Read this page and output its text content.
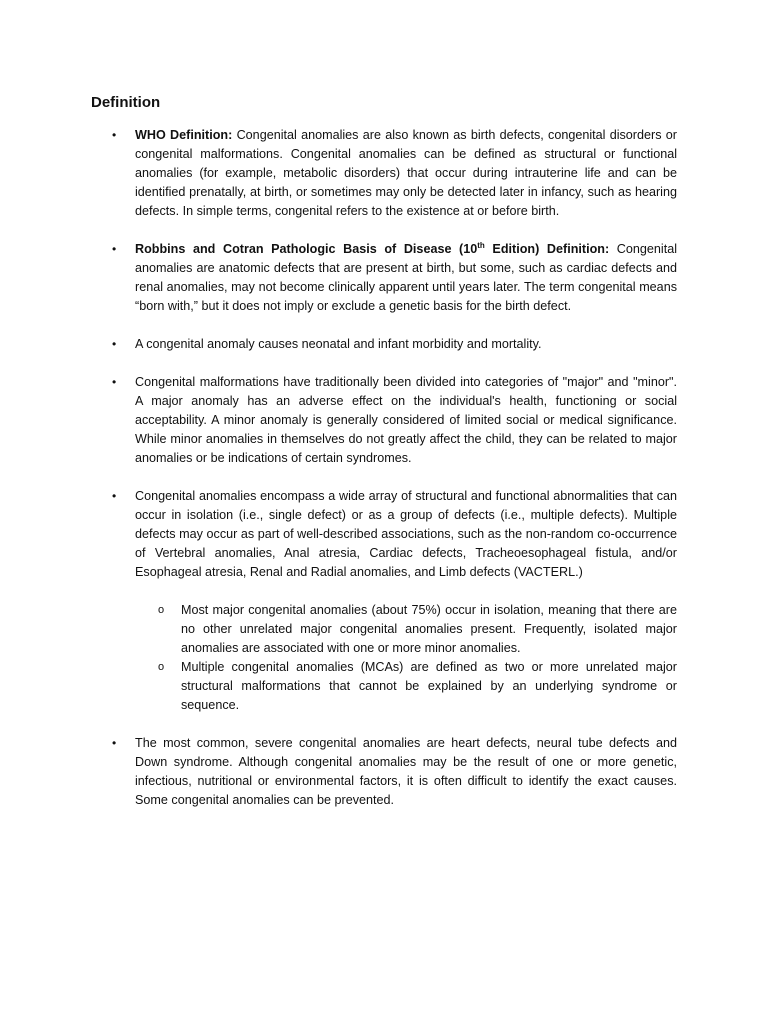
Definition
• WHO Definition: Congenital anomalies are also known as birth defects, congenital disorders or congenital malformations. Congenital anomalies can be defined as structural or functional anomalies (for example, metabolic disorders) that occur during intrauterine life and can be identified prenatally, at birth, or sometimes may only be detected later in infancy, such as hearing defects. In simple terms, congenital refers to the existence at or before birth.
• Robbins and Cotran Pathologic Basis of Disease (10th Edition) Definition: Congenital anomalies are anatomic defects that are present at birth, but some, such as cardiac defects and renal anomalies, may not become clinically apparent until years later. The term congenital means “born with,” but it does not imply or exclude a genetic basis for the birth defect.
• A congenital anomaly causes neonatal and infant morbidity and mortality.
• Congenital malformations have traditionally been divided into categories of "major" and "minor". A major anomaly has an adverse effect on the individual's health, functioning or social acceptability. A minor anomaly is generally considered of limited social or medical significance. While minor anomalies in themselves do not greatly affect the child, they can be related to major anomalies or be indications of certain syndromes.
• Congenital anomalies encompass a wide array of structural and functional abnormalities that can occur in isolation (i.e., single defect) or as a group of defects (i.e., multiple defects). Multiple defects may occur as part of well-described associations, such as the non-random co-occurrence of Vertebral anomalies, Anal atresia, Cardiac defects, Tracheoesophageal fistula, and/or Esophageal atresia, Renal and Radial anomalies, and Limb defects (VACTERL.)
o Most major congenital anomalies (about 75%) occur in isolation, meaning that there are no other unrelated major congenital anomalies present. Frequently, isolated major anomalies are associated with one or more minor anomalies.
o Multiple congenital anomalies (MCAs) are defined as two or more unrelated major structural malformations that cannot be explained by an underlying syndrome or sequence.
• The most common, severe congenital anomalies are heart defects, neural tube defects and Down syndrome. Although congenital anomalies may be the result of one or more genetic, infectious, nutritional or environmental factors, it is often difficult to identify the exact causes. Some congenital anomalies can be prevented.
